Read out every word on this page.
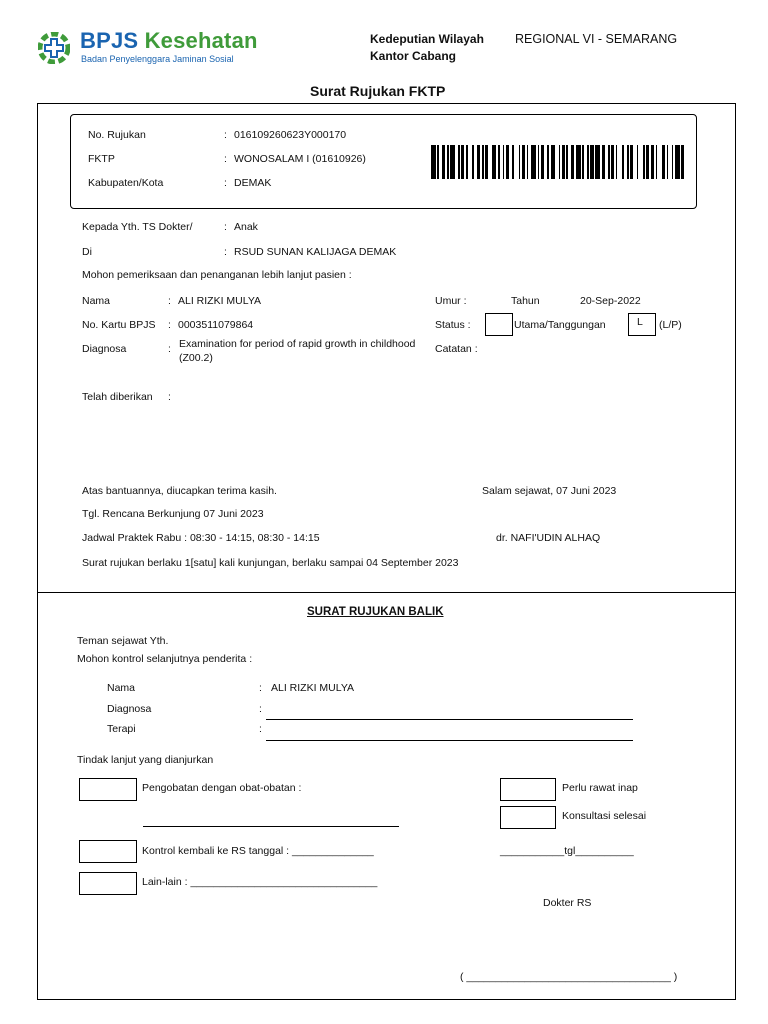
BPJS Kesehatan
Badan Penyelenggara Jaminan Sosial
Kedeputian Wilayah REGIONAL VI - SEMARANG
Kantor Cabang
Surat Rujukan FKTP
No. Rujukan	: 016109260623Y000170
FKTP	: WONOSALAM I (01610926)
Kabupaten/Kota	: DEMAK
Kepada Yth. TS Dokter/	: Anak
Di	: RSUD SUNAN KALIJAGA DEMAK
Mohon pemeriksaan dan penanganan lebih lanjut pasien :
Nama	: ALI RIZKI MULYA	Umur :	Tahun	20-Sep-2022
No. Kartu BPJS : 0003511079864	Status :	Utama/Tanggungan	L (L/P)
Diagnosa	: Examination for period of rapid growth in childhood
(Z00.2)
Catatan :
Telah diberikan :
Atas bantuannya, diucapkan terima kasih.	Salam sejawat, 07 Juni 2023
Tgl. Rencana Berkunjung 07 Juni 2023
Jadwal Praktek Rabu : 08:30 - 14:15, 08:30 - 14:15	dr. NAFI'UDIN ALHAQ
Surat rujukan berlaku 1[satu] kali kunjungan, berlaku sampai 04 September 2023
SURAT RUJUKAN BALIK
Teman sejawat Yth.
Mohon kontrol selanjutnya penderita :
Nama	: ALI RIZKI MULYA
Diagnosa	:
Terapi	:
Tindak lanjut yang dianjurkan
Pengobatan dengan obat-obatan :	Perlu rawat inap
Konsultasi selesai
Kontrol kembali ke RS tanggal : ______________	___________tgl__________
Lain-lain : ________________________________
Dokter RS
( ___________________________________ )
